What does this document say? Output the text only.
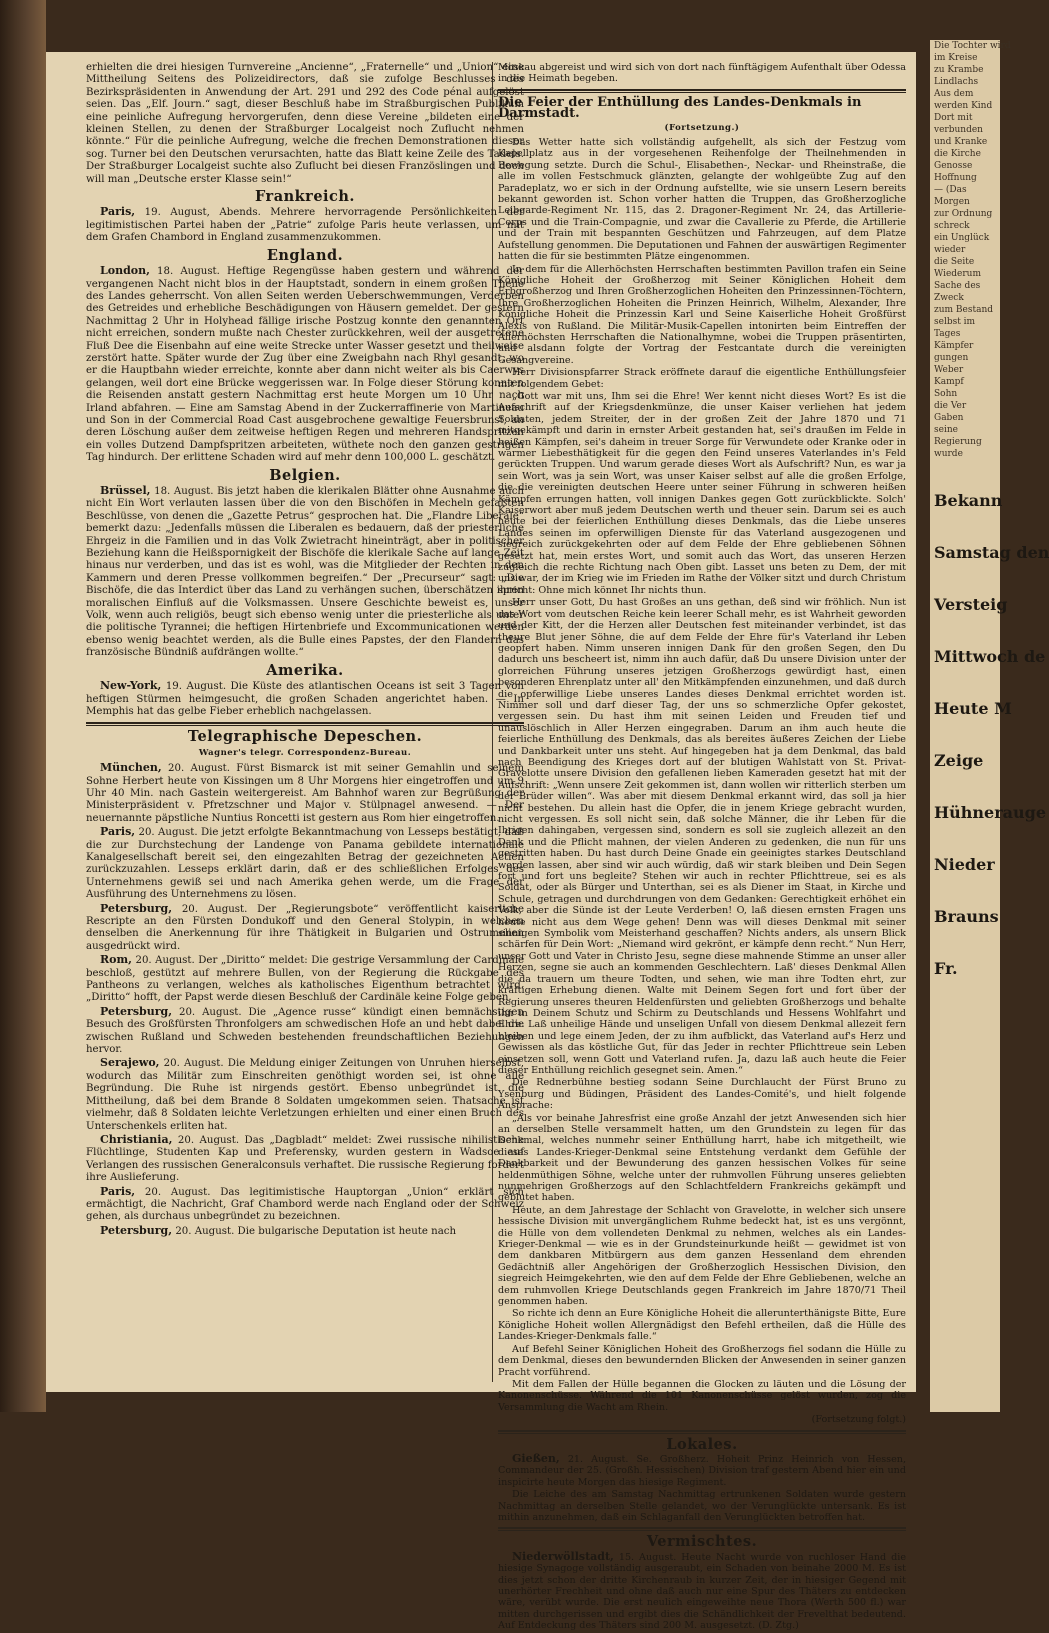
erhielten die drei hiesigen Turnvereine „Ancienne“, „Fraternelle“ und „Union“ eine Mittheilung Seitens des Polizeidirectors, daß sie zufolge Beschlusses des Bezirkspräsidenten in Anwendung der Art. 291 und 292 des Code pénal aufgelöst seien. Das „Elf. Journ.“ sagt, dieser Beschluß habe im Straßburgischen Publikum eine peinliche Aufregung hervorgerufen, denn diese Vereine „bildeten eine der kleinen Stellen, zu denen der Straßburger Localgeist noch Zuflucht nehmen könnte.“ Für die peinliche Aufregung, welche die frechen Demonstrationen dieser sog. Turner bei den Deutschen verursachten, hatte das Blatt keine Zeile des Tadels. Der Straßburger Localgeist suchte also Zuflucht bei diesen Französlingen und doch will man „Deutsche erster Klasse sein!“

Frankreich.

Paris, 19. August, Abends. Mehrere hervorragende Persönlichkeiten der legitimistischen Partei haben der „Patrie“ zufolge Paris heute verlassen, um mit dem Grafen Chambord in England zusammenzukommen.

England.

London, 18. August. Heftige Regengüsse haben gestern und während der vergangenen Nacht nicht blos in der Hauptstadt, sondern in einem großen Theile des Landes geherrscht. Von allen Seiten werden Ueberschwemmungen, Verderben des Getreides und erhebliche Beschädigungen von Häusern gemeldet. Der gestern Nachmittag 2 Uhr in Holyhead fällige irische Postzug konnte den genannten Ort nicht erreichen, sondern mußte nach Chester zurückkehren, weil der ausgetretene Fluß Dee die Eisenbahn auf eine weite Strecke unter Wasser gesetzt und theilweise zerstört hatte. Später wurde der Zug über eine Zweigbahn nach Rhyl gesandt, wo er die Hauptbahn wieder erreichte, konnte aber dann nicht weiter als bis Caerwys gelangen, weil dort eine Brücke weggerissen war. In Folge dieser Störung konnten die Reisenden anstatt gestern Nachmittag erst heute Morgen um 10 Uhr nach Irland abfahren. — Eine am Samstag Abend in der Zuckerraffinerie von Martineau und Son in der Commercial Road Cast ausgebrochene gewaltige Feuersbrunst, an deren Löschung außer dem zeitweise heftigen Regen und mehreren Handspritzen ein volles Dutzend Dampfspritzen arbeiteten, wüthete noch den ganzen gestrigen Tag hindurch. Der erlittene Schaden wird auf mehr denn 100,000 L. geschätzt.

Belgien.

Brüssel, 18. August. Bis jetzt haben die klerikalen Blätter ohne Ausnahme auch nicht Ein Wort verlauten lassen über die von den Bischöfen in Mecheln gefaßten Beschlüsse, von denen die „Gazette Petrus“ gesprochen hat. Die „Flandre Liberale“ bemerkt dazu: „Jedenfalls müssen die Liberalen es bedauern, daß der priesterliche Ehrgeiz in die Familien und in das Volk Zwietracht hineinträgt, aber in politischer Beziehung kann die Heißspornigkeit der Bischöfe die klerikale Sache auf lange Zeit hinaus nur verderben, und das ist es wohl, was die Mitglieder der Rechten in den Kammern und deren Presse vollkommen begreifen.“ Der „Precurseur“ sagt: „Die Bischöfe, die das Interdict über das Land zu verhängen suchen, überschätzen ihren moralischen Einfluß auf die Volksmassen. Unsere Geschichte beweist es, unser Volk, wenn auch religiös, beugt sich ebenso wenig unter die priesterliche als unter die politische Tyrannei; die heftigen Hirtenbriefe und Excommunicationen werden ebenso wenig beachtet werden, als die Bulle eines Papstes, der den Flandern das französische Bündniß aufdrängen wollte.“

Amerika.

New-York, 19. August. Die Küste des atlantischen Oceans ist seit 3 Tagen von heftigen Stürmen heimgesucht, die großen Schaden angerichtet haben. — In Memphis hat das gelbe Fieber erheblich nachgelassen.

Telegraphische Depeschen.
Wagner's telegr. Correspondenz-Bureau.

München, 20. August. Fürst Bismarck ist mit seiner Gemahlin und seinem Sohne Herbert heute von Kissingen um 8 Uhr Morgens hier eingetroffen und um 9 Uhr 40 Min. nach Gastein weitergereist. Am Bahnhof waren zur Begrüßung der Ministerpräsident v. Pfretzschner und Major v. Stülpnagel anwesend. — Der neuernannte päpstliche Nuntius Roncetti ist gestern aus Rom hier eingetroffen.

Paris, 20. August. Die jetzt erfolgte Bekanntmachung von Lesseps bestätigt, daß die zur Durchstechung der Landenge von Panama gebildete internationale Kanalgesellschaft bereit sei, den eingezahlten Betrag der gezeichneten Actien zurückzuzahlen. Lesseps erklärt darin, daß er des schließlichen Erfolges des Unternehmens gewiß sei und nach Amerika gehen werde, um die Frage der Ausführung des Unternehmens zu lösen.

Petersburg, 20. August. Der „Regierungsbote“ veröffentlicht kaiserliche Rescripte an den Fürsten Dondukoff und den General Stolypin, in welchen denselben die Anerkennung für ihre Thätigkeit in Bulgarien und Ostrumelien ausgedrückt wird.

Rom, 20. August. Der „Diritto“ meldet: Die gestrige Versammlung der Cardinäle beschloß, gestützt auf mehrere Bullen, von der Regierung die Rückgabe des Pantheons zu verlangen, welches als katholisches Eigenthum betrachtet wird. „Diritto“ hofft, der Papst werde diesen Beschluß der Cardinäle keine Folge geben.

Petersburg, 20. August. Die „Agence russe“ kündigt einen bemnächstigen Besuch des Großfürsten Thronfolgers am schwedischen Hofe an und hebt dabei die zwischen Rußland und Schweden bestehenden freundschaftlichen Beziehungen hervor.

Serajewo, 20. August. Die Meldung einiger Zeitungen von Unruhen hierselbst, wodurch das Militär zum Einschreiten genöthigt worden sei, ist ohne alle Begründung. Die Ruhe ist nirgends gestört. Ebenso unbegründet ist die Mittheilung, daß bei dem Brande 8 Soldaten umgekommen seien. Thatsache ist vielmehr, daß 8 Soldaten leichte Verletzungen erhielten und einer einen Bruch des Unterschenkels erliten hat.

Christiania, 20. August. Das „Dagbladt“ meldet: Zwei russische nihilistische Flüchtlinge, Studenten Kap und Preferensky, wurden gestern in Wadsoe auf Verlangen des russischen Generalconsuls verhaftet. Die russische Regierung fordert ihre Auslieferung.

Paris, 20. August. Das legitimistische Hauptorgan „Union“ erklärt sich ermächtigt, die Nachricht, Graf Chambord werde nach England oder der Schweiz gehen, als durchaus unbegründet zu bezeichnen.

Petersburg, 20. August. Die bulgarische Deputation ist heute nach

Moskau abgereist und wird sich von dort nach fünftägigem Aufenthalt über Odessa in die Heimath begeben.

Die Feier der Enthüllung des Landes-Denkmals in Darmstadt.
(Fortsetzung.)

Das Wetter hatte sich vollständig aufgehellt, als sich der Festzug vom Kapellplatz aus in der vorgesehenen Reihenfolge der Theilnehmenden in Bewegung setzte. Durch die Schul-, Elisabethen-, Neckar- und Rheinstraße, die alle im vollen Festschmuck glänzten, gelangte der wohlgeübte Zug auf den Paradeplatz, wo er sich in der Ordnung aufstellte, wie sie unsern Lesern bereits bekannt geworden ist. Schon vorher hatten die Truppen, das Großherzogliche Leibgarde-Regiment Nr. 115, das 2. Dragoner-Regiment Nr. 24, das Artillerie-Corps und die Train-Compagnie, und zwar die Cavallerie zu Pferde, die Artillerie und der Train mit bespannten Geschützen und Fahrzeugen, auf dem Platze Aufstellung genommen. Die Deputationen und Fahnen der auswärtigen Regimenter hatten die für sie bestimmten Plätze eingenommen.

In dem für die Allerhöchsten Herrschaften bestimmten Pavillon trafen ein Seine Königliche Hoheit der Großherzog mit Seiner Königlichen Hoheit dem Erbgroßherzog und Ihren Großherzoglichen Hoheiten den Prinzessinnen-Töchtern, Ihre Großherzoglichen Hoheiten die Prinzen Heinrich, Wilhelm, Alexander, Ihre Königliche Hoheit die Prinzessin Karl und Seine Kaiserliche Hoheit Großfürst Alexis von Rußland. Die Militär-Musik-Capellen intonirten beim Eintreffen der Allerhöchsten Herrschaften die Nationalhymne, wobei die Truppen präsentirten, und alsdann folgte der Vortrag der Festcantate durch die vereinigten Gesangvereine.

Herr Divisionspfarrer Strack eröffnete darauf die eigentliche Enthüllungsfeier mit folgendem Gebet:

„Gott war mit uns, Ihm sei die Ehre! Wer kennt nicht dieses Wort? Es ist die Aufschrift auf der Kriegsdenkmünze, die unser Kaiser verliehen hat jedem Soldaten, jedem Streiter, der in der großen Zeit der Jahre 1870 und 71 mitgekämpft und darin in ernster Arbeit gestanden hat, sei's draußen im Felde in heißen Kämpfen, sei's daheim in treuer Sorge für Verwundete oder Kranke oder in warmer Liebesthätigkeit für die gegen den Feind unseres Vaterlandes in's Feld gerückten Truppen. Und warum gerade dieses Wort als Aufschrift? Nun, es war ja sein Wort, was ja sein Wort, was unser Kaiser selbst auf alle die großen Erfolge, die die vereinigten deutschen Heere unter seiner Führung in schweren heißen Kämpfen errungen hatten, voll innigen Dankes gegen Gott zurückblickte. Solch' Kaiserwort aber muß jedem Deutschen werth und theuer sein. Darum sei es auch heute bei der feierlichen Enthüllung dieses Denkmals, das die Liebe unseres Landes seinen im opferwilligen Dienste für das Vaterland ausgezogenen und siegreich zurückgekehrten oder auf dem Felde der Ehre gebliebenen Söhnen gesetzt hat, mein erstes Wort, und somit auch das Wort, das unseren Herzen zugleich die rechte Richtung nach Oben gibt. Lasset uns beten zu Dem, der mit uns war, der im Krieg wie im Frieden im Rathe der Völker sitzt und durch Christum spricht: Ohne mich könnet Ihr nichts thun.

Herr unser Gott, Du hast Großes an uns gethan, deß sind wir fröhlich. Nun ist das Wort vom deutschen Reiche kein leerer Schall mehr, es ist Wahrheit geworden und der Kitt, der die Herzen aller Deutschen fest miteinander verbindet, ist das theure Blut jener Söhne, die auf dem Felde der Ehre für's Vaterland ihr Leben geopfert haben. Nimm unseren innigen Dank für den großen Segen, den Du dadurch uns bescheert ist, nimm ihn auch dafür, daß Du unsere Division unter der glorreichen Führung unseres jetzigen Großherzogs gewürdigt hast, einen besonderen Ehrenplatz unter all' den Mitkämpfenden einzunehmen, und daß durch die opferwillige Liebe unseres Landes dieses Denkmal errichtet worden ist. Nimmer soll und darf dieser Tag, der uns so schmerzliche Opfer gekostet, vergessen sein. Du hast ihm mit seinen Leiden und Freuden tief und unauslöschlich in Aller Herzen eingegraben. Darum an ihm auch heute die feierliche Enthüllung des Denkmals, das als bereites äußeres Zeichen der Liebe und Dankbarkeit unter uns steht. Auf hingegeben hat ja dem Denkmal, das bald nach Beendigung des Krieges dort auf der blutigen Wahlstatt von St. Privat-Gravelotte unsere Division den gefallenen lieben Kameraden gesetzt hat mit der Aufschrift: „Wenn unsere Zeit gekommen ist, dann wollen wir ritterlich sterben um der Brüder willen“. Was aber mit diesem Denkmal erkannt wird, das soll ja hier nicht bestehen. Du allein hast die Opfer, die in jenem Kriege gebracht wurden, nicht vergessen. Es soll nicht sein, daß solche Männer, die ihr Leben für die Ihrigen dahingaben, vergessen sind, sondern es soll sie zugleich allezeit an den Dank und die Pflicht mahnen, der vielen Anderen zu gedenken, die nun für uns gestritten haben. Du hast durch Deine Gnade ein geeinigtes starkes Deutschland werden lassen, aber sind wir auch würdig, daß wir stark bleiben und Dein Segen fort und fort uns begleite? Stehen wir auch in rechter Pflichttreue, sei es als Soldat, oder als Bürger und Unterthan, sei es als Diener im Staat, in Kirche und Schule, getragen und durchdrungen von dem Gedanken: Gerechtigkeit erhöhet ein Volk, aber die Sünde ist der Leute Verderben! O, laß diesen ernsten Fragen uns heute nicht aus dem Wege gehen! Denn was will dieses Denkmal mit seiner sinnigen Symbolik vom Meisterhand geschaffen? Nichts anders, als unsern Blick schärfen für Dein Wort: „Niemand wird gekrönt, er kämpfe denn recht.“ Nun Herr, unser Gott und Vater in Christo Jesu, segne diese mahnende Stimme an unser aller Herzen, segne sie auch an kommenden Geschlechtern. Laß' dieses Denkmal Allen die da trauern um theure Todten, und sehen, wie man ihre Todten ehrt, zur kräftigen Erhebung dienen. Walte mit Deinem Segen fort und fort über der Regierung unseres theuren Heldenfürsten und geliebten Großherzogs und behalte ihn in Deinem Schutz und Schirm zu Deutschlands und Hessens Wohlfahrt und Ehre. Laß unheilige Hände und unseligen Unfall von diesem Denkmal allezeit fern bleiben und lege einem Jeden, der zu ihm aufblickt, das Vaterland auf's Herz und Gewissen als das köstliche Gut, für das Jeder in rechter Pflichttreue sein Leben einsetzen soll, wenn Gott und Vaterland rufen. Ja, dazu laß auch heute die Feier dieser Enthüllung reichlich gesegnet sein. Amen.“

Die Rednerbühne bestieg sodann Seine Durchlaucht der Fürst Bruno zu Ysenburg und Büdingen, Präsident des Landes-Comité's, und hielt folgende Ansprache:

„Als vor beinahe Jahresfrist eine große Anzahl der jetzt Anwesenden sich hier an derselben Stelle versammelt hatten, um den Grundstein zu legen für das Denkmal, welches nunmehr seiner Enthüllung harrt, habe ich mitgetheilt, wie dieses Landes-Krieger-Denkmal seine Entstehung verdankt dem Gefühle der Dankbarkeit und der Bewunderung des ganzen hessischen Volkes für seine heldenmüthigen Söhne, welche unter der ruhmvollen Führung unseres geliebten nunmehrigen Großherzogs auf den Schlachtfeldern Frankreichs gekämpft und geblutet haben.

Heute, an dem Jahrestage der Schlacht von Gravelotte, in welcher sich unsere hessische Division mit unvergänglichem Ruhme bedeckt hat, ist es uns vergönnt, die Hülle von dem vollendeten Denkmal zu nehmen, welches als ein Landes-Krieger-Denkmal — wie es in der Grundsteinurkunde heißt — gewidmet ist von dem dankbaren Mitbürgern aus dem ganzen Hessenland dem ehrenden Gedächtniß aller Angehörigen der Großherzoglich Hessischen Division, den siegreich Heimgekehrten, wie den auf dem Felde der Ehre Gebliebenen, welche an dem ruhmvollen Kriege Deutschlands gegen Frankreich im Jahre 1870/71 Theil genommen haben.

So richte ich denn an Eure Königliche Hoheit die allerunterthänigste Bitte, Eure Königliche Hoheit wollen Allergnädigst den Befehl ertheilen, daß die Hülle des Landes-Krieger-Denkmals falle.“

Auf Befehl Seiner Königlichen Hoheit des Großherzogs fiel sodann die Hülle zu dem Denkmal, dieses den bewundernden Blicken der Anwesenden in seiner ganzen Pracht vorführend.

Mit dem Fallen der Hülle begannen die Glocken zu läuten und die Lösung der Kanonenschüsse. Während die 101 Kanonenschüsse gelöst wurden, zog die Versammlung die Wacht am Rhein.

(Fortsetzung folgt.)
Lokales.

Gießen, 21. August. Se. Großherz. Hoheit Prinz Heinrich von Hessen, Commandeur der 25. (Großh. Hessischen) Division traf gestern Abend hier ein und inspicirte heute Morgen das hiesige Regiment.

Die Leiche des am Samstag Nachmittag ertrunkenen Soldaten wurde gestern Nachmittag an derselben Stelle gelandet, wo der Verunglückte untersank. Es ist mithin anzunehmen, daß ein Schlaganfall den Verunglückten betroffen hat.

Vermischtes.

Niederwöllstadt, 15. August. Heute Nacht wurde von ruchloser Hand die hiesige Synagoge vollständig ausgeraubt, ein Schaden von beinahe 2000 M. Es ist dies jetzt schon der dritte Kirchenraub in kurzer Zeit, der in hiesiger Gegend mit unerhörter Frechheit und ohne daß auch nur eine Spur des Thäters zu entdecken wäre, verübt wurde. Die erst neulich eingeweihte neue Thora (Werth 500 fl.) war mitten durchgerissen und ergibt dies die Schändlichkeit der Frevelthat bedeutend. Auf Entdeckung des Thäters sind 200 M. ausgesetzt. (D. Ztg.)

Die Tochter wird
im Kreise
zu Krambe
Lindlachs
Aus dem
werden Kind
Dort mit
verbunden
und Kranke
die Kirche
Genosse
Hoffnung
— (Das
Morgen
zur Ordnung
schreck
ein Unglück
wieder
die Seite
Wiederum
Sache des
Zweck
zum Bestand
selbst im
Tages
Kämpfer
gungen
Weber
Kampf
Sohn
die Ver
Gaben
seine
Regierung
wurde
Bekann
Samstag den
Versteig
Mittwoch de
Heute M
Zeige
Hühnerauge
Nieder
Brauns
Fr.
